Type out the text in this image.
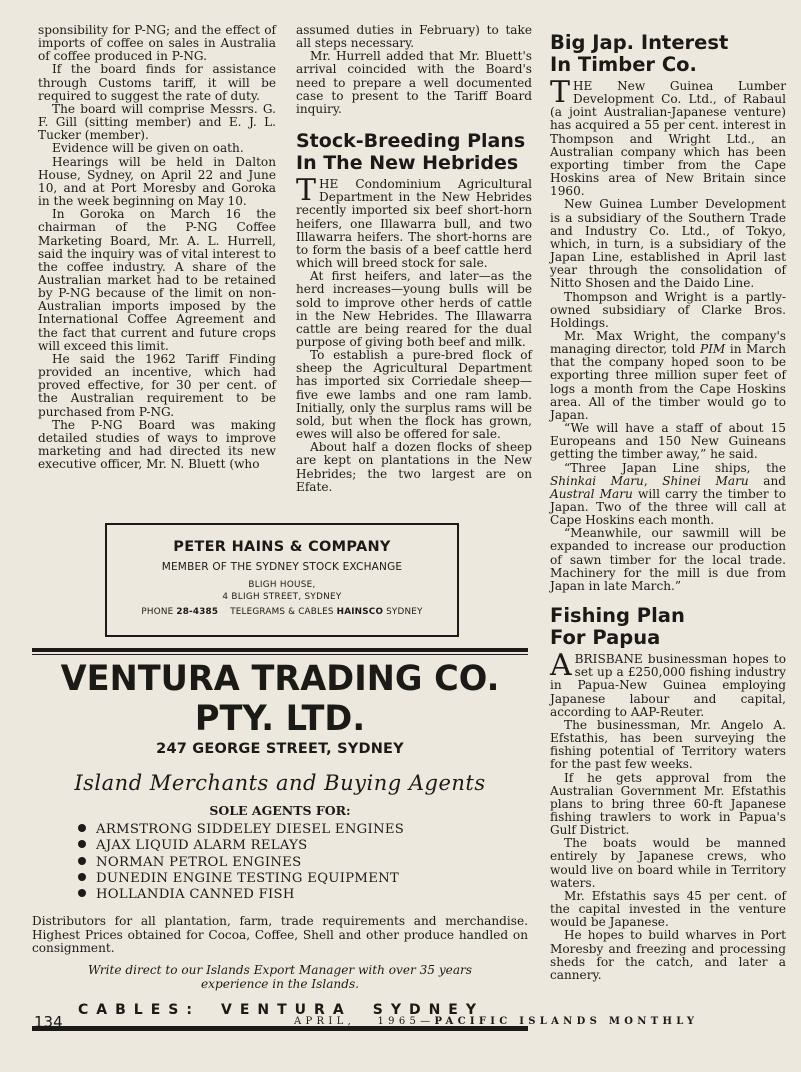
sponsibility for P-NG; and the effect of imports of coffee on sales in Australia of coffee produced in P-NG.

If the board finds for assistance through Customs tariff, it will be required to suggest the rate of duty.

The board will comprise Messrs. G. F. Gill (sitting member) and E. J. L. Tucker (member).

Evidence will be given on oath.

Hearings will be held in Dalton House, Sydney, on April 22 and June 10, and at Port Moresby and Goroka in the week beginning on May 10.

In Goroka on March 16 the chairman of the P-NG Coffee Marketing Board, Mr. A. L. Hurrell, said the inquiry was of vital interest to the coffee industry. A share of the Australian market had to be retained by P-NG because of the limit on non-Australian imports imposed by the International Coffee Agreement and the fact that current and future crops will exceed this limit.

He said the 1962 Tariff Finding provided an incentive, which had proved effective, for 30 per cent. of the Australian requirement to be purchased from P-NG.

The P-NG Board was making detailed studies of ways to improve marketing and had directed its new executive officer, Mr. N. Bluett (who

assumed duties in February) to take all steps necessary.

Mr. Hurrell added that Mr. Bluett's arrival coincided with the Board's need to prepare a well documented case to present to the Tariff Board inquiry.

Stock-Breeding Plans
In The New Hebrides

THE Condominium Agricultural Department in the New Hebrides recently imported six beef short-horn heifers, one Illawarra bull, and two Illawarra heifers. The short-horns are to form the basis of a beef cattle herd which will breed stock for sale.

At first heifers, and later—as the herd increases—young bulls will be sold to improve other herds of cattle in the New Hebrides. The Illawarra cattle are being reared for the dual purpose of giving both beef and milk.

To establish a pure-bred flock of sheep the Agricultural Department has imported six Corriedale sheep—five ewe lambs and one ram lamb. Initially, only the surplus rams will be sold, but when the flock has grown, ewes will also be offered for sale.

About half a dozen flocks of sheep are kept on plantations in the New Hebrides; the two largest are on Efate.

Big Jap. Interest
In Timber Co.

THE New Guinea Lumber Development Co. Ltd., of Rabaul (a joint Australian-Japanese venture) has acquired a 55 per cent. interest in Thompson and Wright Ltd., an Australian company which has been exporting timber from the Cape Hoskins area of New Britain since 1960.

New Guinea Lumber Development is a subsidiary of the Southern Trade and Industry Co. Ltd., of Tokyo, which, in turn, is a subsidiary of the Japan Line, established in April last year through the consolidation of Nitto Shosen and the Daido Line.

Thompson and Wright is a partly-owned subsidiary of Clarke Bros. Holdings.

Mr. Max Wright, the company's managing director, told PIM in March that the company hoped soon to be exporting three million super feet of logs a month from the Cape Hoskins area. All of the timber would go to Japan.

“We will have a staff of about 15 Europeans and 150 New Guineans getting the timber away,” he said.

“Three Japan Line ships, the Shinkai Maru, Shinei Maru and Austral Maru will carry the timber to Japan. Two of the three will call at Cape Hoskins each month.

“Meanwhile, our sawmill will be expanded to increase our production of sawn timber for the local trade. Machinery for the mill is due from Japan in late March.”

Fishing Plan
For Papua

ABRISBANE businessman hopes to set up a £250,000 fishing industry in Papua-New Guinea employing Japanese labour and capital, according to AAP-Reuter.

The businessman, Mr. Angelo A. Efstathis, has been surveying the fishing potential of Territory waters for the past few weeks.

If he gets approval from the Australian Government Mr. Efstathis plans to bring three 60-ft Japanese fishing trawlers to work in Papua's Gulf District.

The boats would be manned entirely by Japanese crews, who would live on board while in Territory waters.

Mr. Efstathis says 45 per cent. of the capital invested in the venture would be Japanese.

He hopes to build wharves in Port Moresby and freezing and processing sheds for the catch, and later a cannery.

PETER HAINS & COMPANY
MEMBER OF THE SYDNEY STOCK EXCHANGE
BLIGH HOUSE,
4 BLIGH STREET, SYDNEY
PHONE 28-4385 TELEGRAMS & CABLES HAINSCO SYDNEY
VENTURA TRADING CO. PTY. LTD.
247 GEORGE STREET, SYDNEY
Island Merchants and Buying Agents
SOLE AGENTS FOR:
ARMSTRONG SIDDELEY DIESEL ENGINES
AJAX LIQUID ALARM RELAYS
NORMAN PETROL ENGINES
DUNEDIN ENGINE TESTING EQUIPMENT
HOLLANDIA CANNED FISH
Distributors for all plantation, farm, trade requirements and merchandise. Highest Prices obtained for Cocoa, Coffee, Shell and other produce handled on consignment.
Write direct to our Islands Export Manager with over 35 years experience in the Islands.
CABLES: VENTURA SYDNEY
134	APRIL, 1965—PACIFIC ISLANDS MONTHLY
